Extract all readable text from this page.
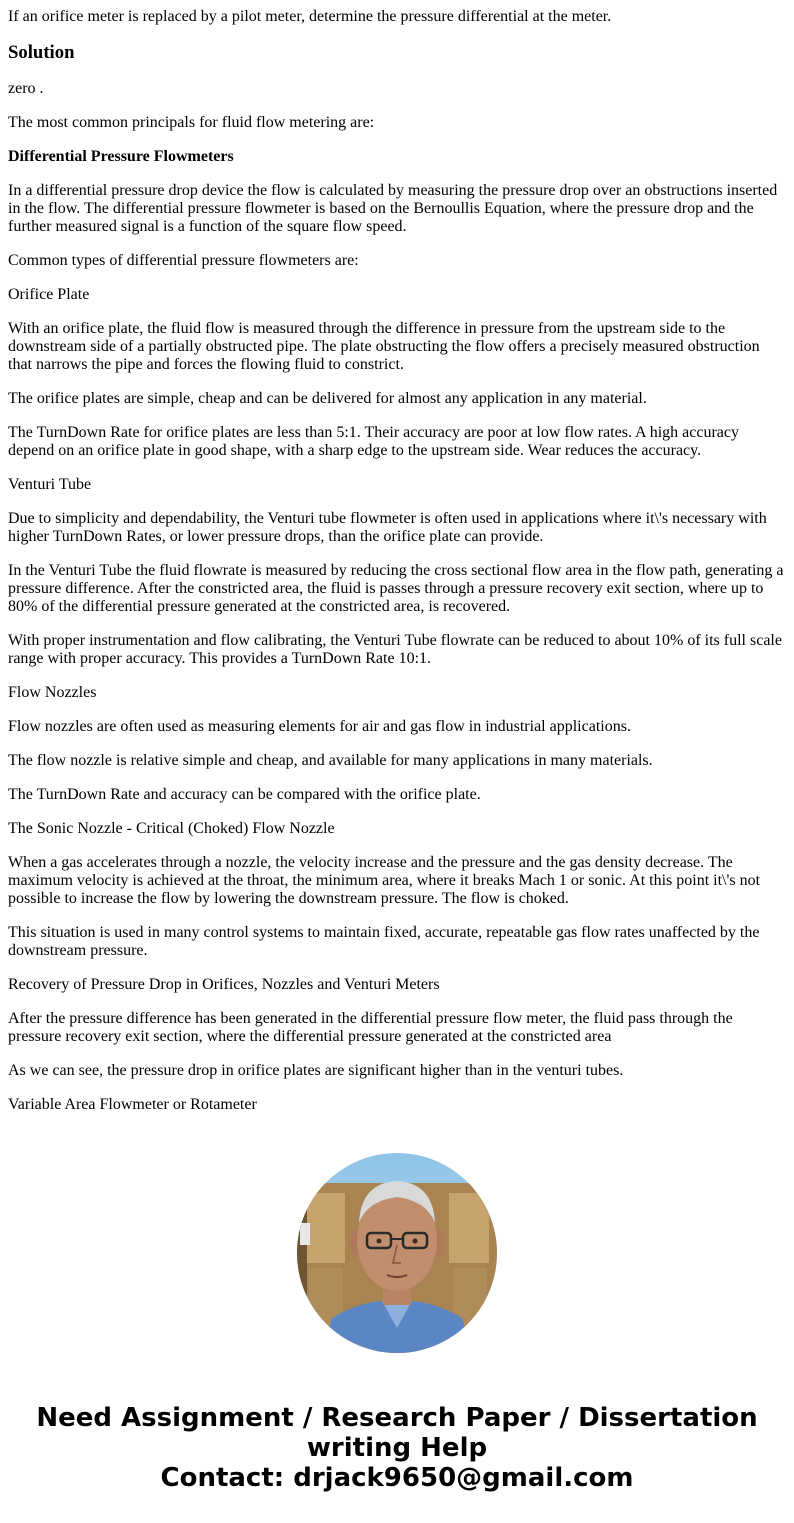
If an orifice meter is replaced by a pilot meter, determine the pressure differential at the meter.
Solution

zero .

The most common principals for fluid flow metering are:

Differential Pressure Flowmeters

In a differential pressure drop device the flow is calculated by measuring the pressure drop over an obstructions inserted in the flow. The differential pressure flowmeter is based on the Bernoullis Equation, where the pressure drop and the further measured signal is a function of the square flow speed.

Common types of differential pressure flowmeters are:

Orifice Plate

With an orifice plate, the fluid flow is measured through the difference in pressure from the upstream side to the downstream side of a partially obstructed pipe. The plate obstructing the flow offers a precisely measured obstruction that narrows the pipe and forces the flowing fluid to constrict.

The orifice plates are simple, cheap and can be delivered for almost any application in any material.

The TurnDown Rate for orifice plates are less than 5:1. Their accuracy are poor at low flow rates. A high accuracy depend on an orifice plate in good shape, with a sharp edge to the upstream side. Wear reduces the accuracy.

Venturi Tube

Due to simplicity and dependability, the Venturi tube flowmeter is often used in applications where it\'s necessary with higher TurnDown Rates, or lower pressure drops, than the orifice plate can provide.

In the Venturi Tube the fluid flowrate is measured by reducing the cross sectional flow area in the flow path, generating a pressure difference. After the constricted area, the fluid is passes through a pressure recovery exit section, where up to 80% of the differential pressure generated at the constricted area, is recovered.

With proper instrumentation and flow calibrating, the Venturi Tube flowrate can be reduced to about 10% of its full scale range with proper accuracy. This provides a TurnDown Rate 10:1.

Flow Nozzles

Flow nozzles are often used as measuring elements for air and gas flow in industrial applications.

The flow nozzle is relative simple and cheap, and available for many applications in many materials.

The TurnDown Rate and accuracy can be compared with the orifice plate.

The Sonic Nozzle - Critical (Choked) Flow Nozzle

When a gas accelerates through a nozzle, the velocity increase and the pressure and the gas density decrease. The maximum velocity is achieved at the throat, the minimum area, where it breaks Mach 1 or sonic. At this point it\'s not possible to increase the flow by lowering the downstream pressure. The flow is choked.

This situation is used in many control systems to maintain fixed, accurate, repeatable gas flow rates unaffected by the downstream pressure.

Recovery of Pressure Drop in Orifices, Nozzles and Venturi Meters

After the pressure difference has been generated in the differential pressure flow meter, the fluid pass through the pressure recovery exit section, where the differential pressure generated at the constricted area

As we can see, the pressure drop in orifice plates are significant higher than in the venturi tubes.

Variable Area Flowmeter or Rotameter

Need Assignment / Research Paper / Dissertation
writing Help
Contact: drjack9650@gmail.com
